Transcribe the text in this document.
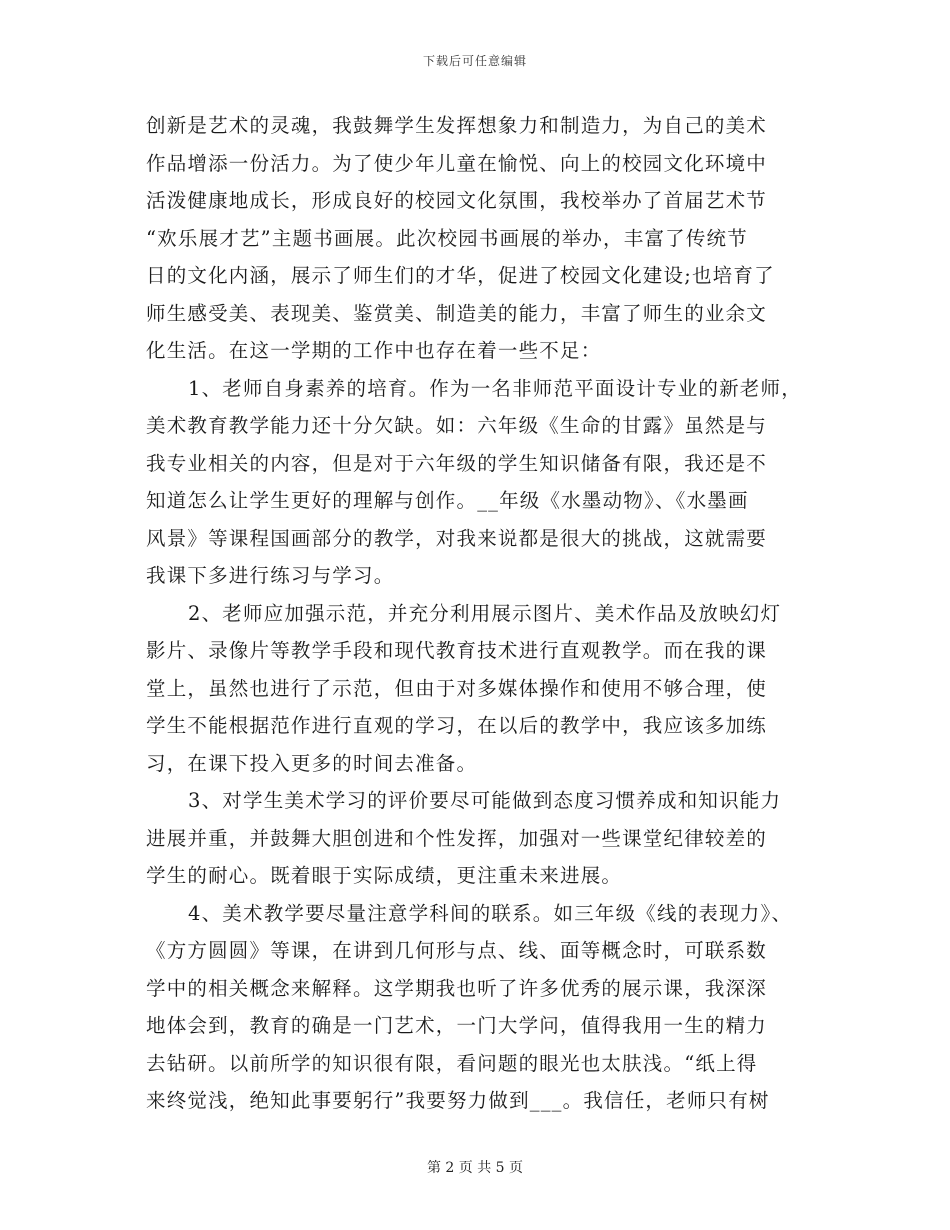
下载后可任意编辑
创新是艺术的灵魂，我鼓舞学生发挥想象力和制造力，为自己的美术
作品增添一份活力。为了使少年儿童在愉悦、向上的校园文化环境中
活泼健康地成长，形成良好的校园文化氛围，我校举办了首届艺术节
“欢乐展才艺”主题书画展。此次校园书画展的举办，丰富了传统节
日的文化内涵，展示了师生们的才华，促进了校园文化建设;也培育了
师生感受美、表现美、鉴赏美、制造美的能力，丰富了师生的业余文
化生活。在这一学期的工作中也存在着一些不足：
1、老师自身素养的培育。作为一名非师范平面设计专业的新老师，
美术教育教学能力还十分欠缺。如：六年级《生命的甘露》虽然是与
我专业相关的内容，但是对于六年级的学生知识储备有限，我还是不
知道怎么让学生更好的理解与创作。__年级《水墨动物》、《水墨画
风景》等课程国画部分的教学，对我来说都是很大的挑战，这就需要
我课下多进行练习与学习。
2、老师应加强示范，并充分利用展示图片、美术作品及放映幻灯
影片、录像片等教学手段和现代教育技术进行直观教学。而在我的课
堂上，虽然也进行了示范，但由于对多媒体操作和使用不够合理，使
学生不能根据范作进行直观的学习，在以后的教学中，我应该多加练
习，在课下投入更多的时间去准备。
3、对学生美术学习的评价要尽可能做到态度习惯养成和知识能力
进展并重，并鼓舞大胆创进和个性发挥，加强对一些课堂纪律较差的
学生的耐心。既着眼于实际成绩，更注重未来进展。
4、美术教学要尽量注意学科间的联系。如三年级《线的表现力》、
《方方圆圆》等课，在讲到几何形与点、线、面等概念时，可联系数
学中的相关概念来解释。这学期我也听了许多优秀的展示课，我深深
地体会到，教育的确是一门艺术，一门大学问，值得我用一生的精力
去钻研。以前所学的知识很有限，看问题的眼光也太肤浅。“纸上得
来终觉浅，绝知此事要躬行”我要努力做到___。我信任，老师只有树
第 2 页 共 5 页
